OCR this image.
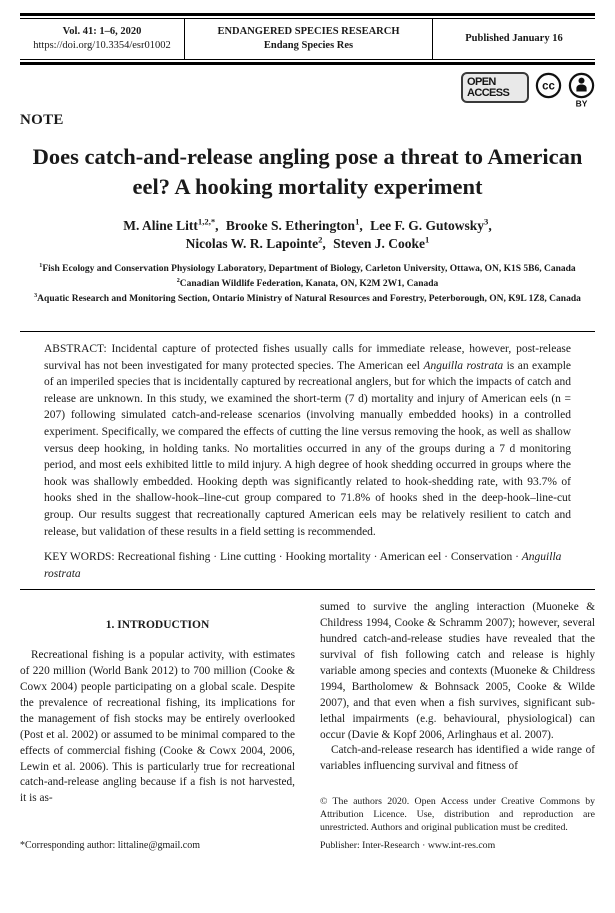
Vol. 41: 1–6, 2020
https://doi.org/10.3354/esr01002
ENDANGERED SPECIES RESEARCH
Endang Species Res
Published January 16
OPEN
ACCESS	cc
BY
NOTE
Does catch-and-release angling pose a threat to American eel? A hooking mortality experiment
M. Aline Litt$^{1,2,*}$, Brooke S. Etherington$^1$, Lee F. G. Gutowsky$^3$,
Nicolas W. R. Lapointe$^2$, Steven J. Cooke$^1$
$^1$Fish Ecology and Conservation Physiology Laboratory, Department of Biology, Carleton University, Ottawa, ON, K1S 5B6, Canada
$^2$Canadian Wildlife Federation, Kanata, ON, K2M 2W1, Canada
$^3$Aquatic Research and Monitoring Section, Ontario Ministry of Natural Resources and Forestry, Peterborough, ON, K9L 1Z8, Canada

ABSTRACT: Incidental capture of protected fishes usually calls for immediate release, however, post-release survival has not been investigated for many protected species. The American eel Anguilla rostrata is an example of an imperiled species that is incidentally captured by recreational anglers, but for which the impacts of catch and release are unknown. In this study, we examined the short-term (7 d) mortality and injury of American eels (n = 207) following simulated catch-and-release scenarios (involving manually embedded hooks) in a controlled experiment. Specifically, we compared the effects of cutting the line versus removing the hook, as well as shallow versus deep hooking, in holding tanks. No mortalities occurred in any of the groups during a 7 d monitoring period, and most eels exhibited little to mild injury. A high degree of hook shedding occurred in groups where the hook was shallowly embedded. Hooking depth was significantly related to hook-shedding rate, with 93.7% of hooks shed in the shallow-hook–line-cut group compared to 71.8% of hooks shed in the deep-hook–line-cut group. Our results suggest that recreationally captured American eels may be relatively resilient to catch and release, but validation of these results in a field setting is recommended.

KEY WORDS: Recreational fishing · Line cutting · Hooking mortality · American eel · Conservation · Anguilla rostrata

1. INTRODUCTION

Recreational fishing is a popular activity, with estimates of 220 million (World Bank 2012) to 700 million (Cooke & Cowx 2004) people participating on a global scale. Despite the prevalence of recreational fishing, its implications for the management of fish stocks may be entirely overlooked (Post et al. 2002) or assumed to be minimal compared to the effects of commercial fishing (Cooke & Cowx 2004, 2006, Lewin et al. 2006). This is particularly true for recreational catch-and-release angling because if a fish is not harvested, it is as-

*Corresponding author: littaline@gmail.com

sumed to survive the angling interaction (Muoneke & Childress 1994, Cooke & Schramm 2007); however, several hundred catch-and-release studies have revealed that the survival of fish following catch and release is highly variable among species and contexts (Muoneke & Childress 1994, Bartholomew & Bohnsack 2005, Cooke & Wilde 2007), and that even when a fish survives, significant sub-lethal impairments (e.g. behavioural, physiological) can occur (Davie & Kopf 2006, Arlinghaus et al. 2007).

Catch-and-release research has identified a wide range of variables influencing survival and fitness of

© The authors 2020. Open Access under Creative Commons by Attribution Licence. Use, distribution and reproduction are unrestricted. Authors and original publication must be credited.
Publisher: Inter-Research · www.int-res.com
